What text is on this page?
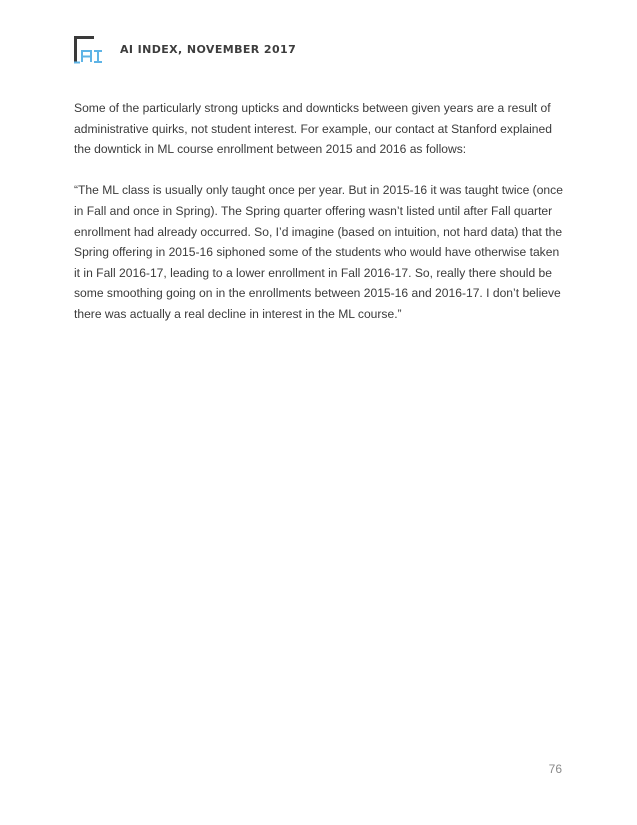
AI INDEX, NOVEMBER 2017

Some of the particularly strong upticks and downticks between given years are a result of administrative quirks, not student interest. For example, our contact at Stanford explained the downtick in ML course enrollment between 2015 and 2016 as follows:

“The ML class is usually only taught once per year. But in 2015-16 it was taught twice (once in Fall and once in Spring). The Spring quarter offering wasn’t listed until after Fall quarter enrollment had already occurred. So, I’d imagine (based on intuition, not hard data) that the Spring offering in 2015-16 siphoned some of the students who would have otherwise taken it in Fall 2016-17, leading to a lower enrollment in Fall 2016-17. So, really there should be some smoothing going on in the enrollments between 2015-16 and 2016-17. I don’t believe there was actually a real decline in interest in the ML course.”

76
